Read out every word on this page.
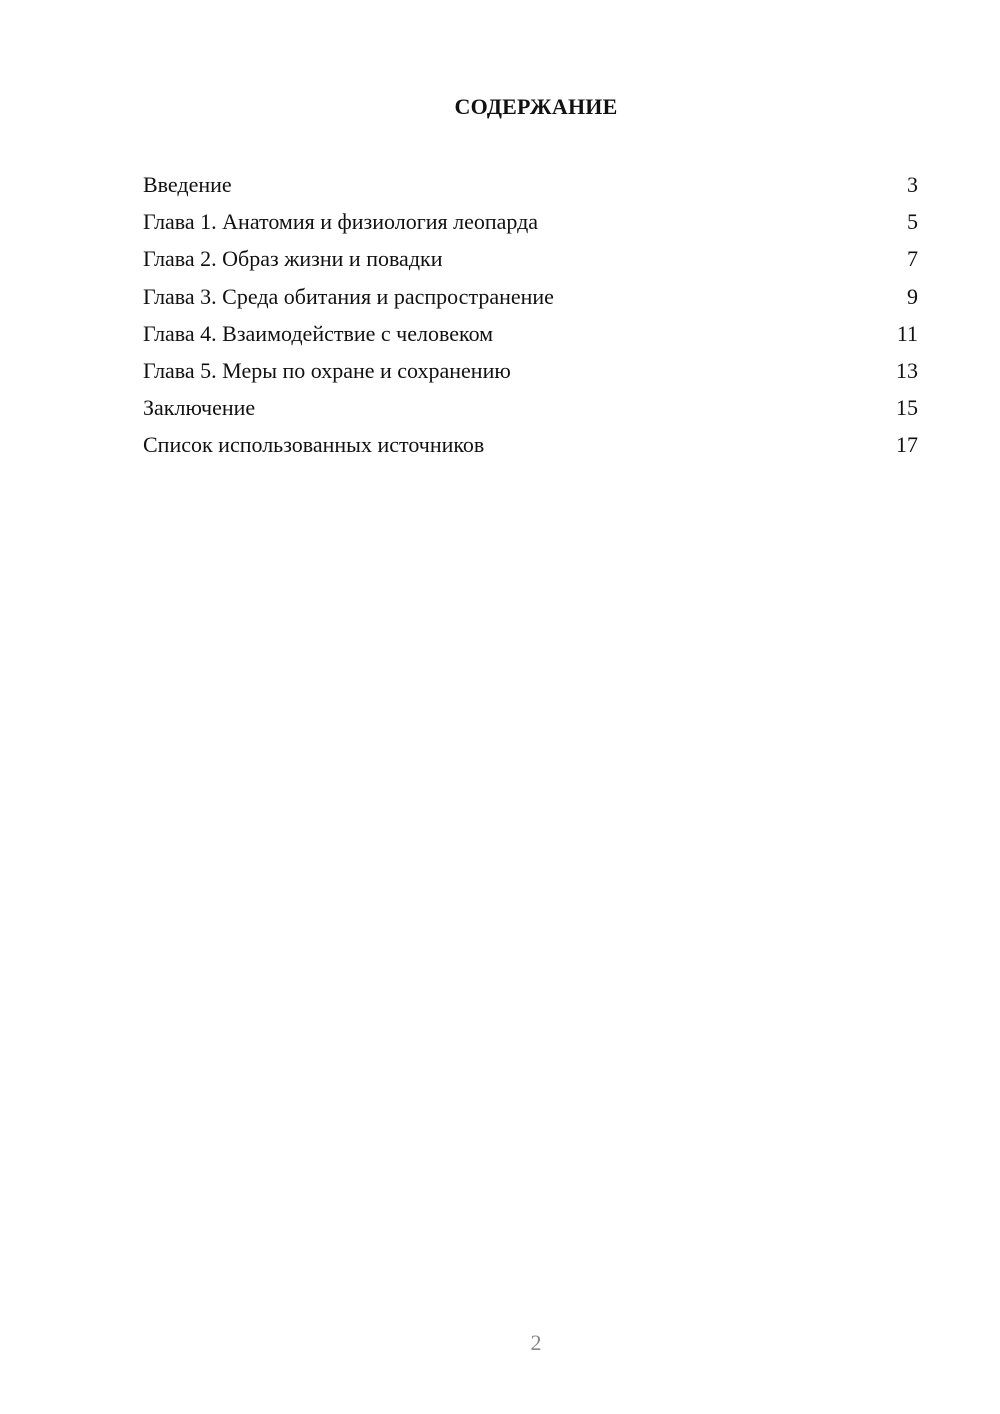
СОДЕРЖАНИЕ
Введение	3
Глава 1. Анатомия и физиология леопарда	5
Глава 2. Образ жизни и повадки	7
Глава 3. Среда обитания и распространение	9
Глава 4. Взаимодействие с человеком	11
Глава 5. Меры по охране и сохранению	13
Заключение	15
Список использованных источников	17
2
